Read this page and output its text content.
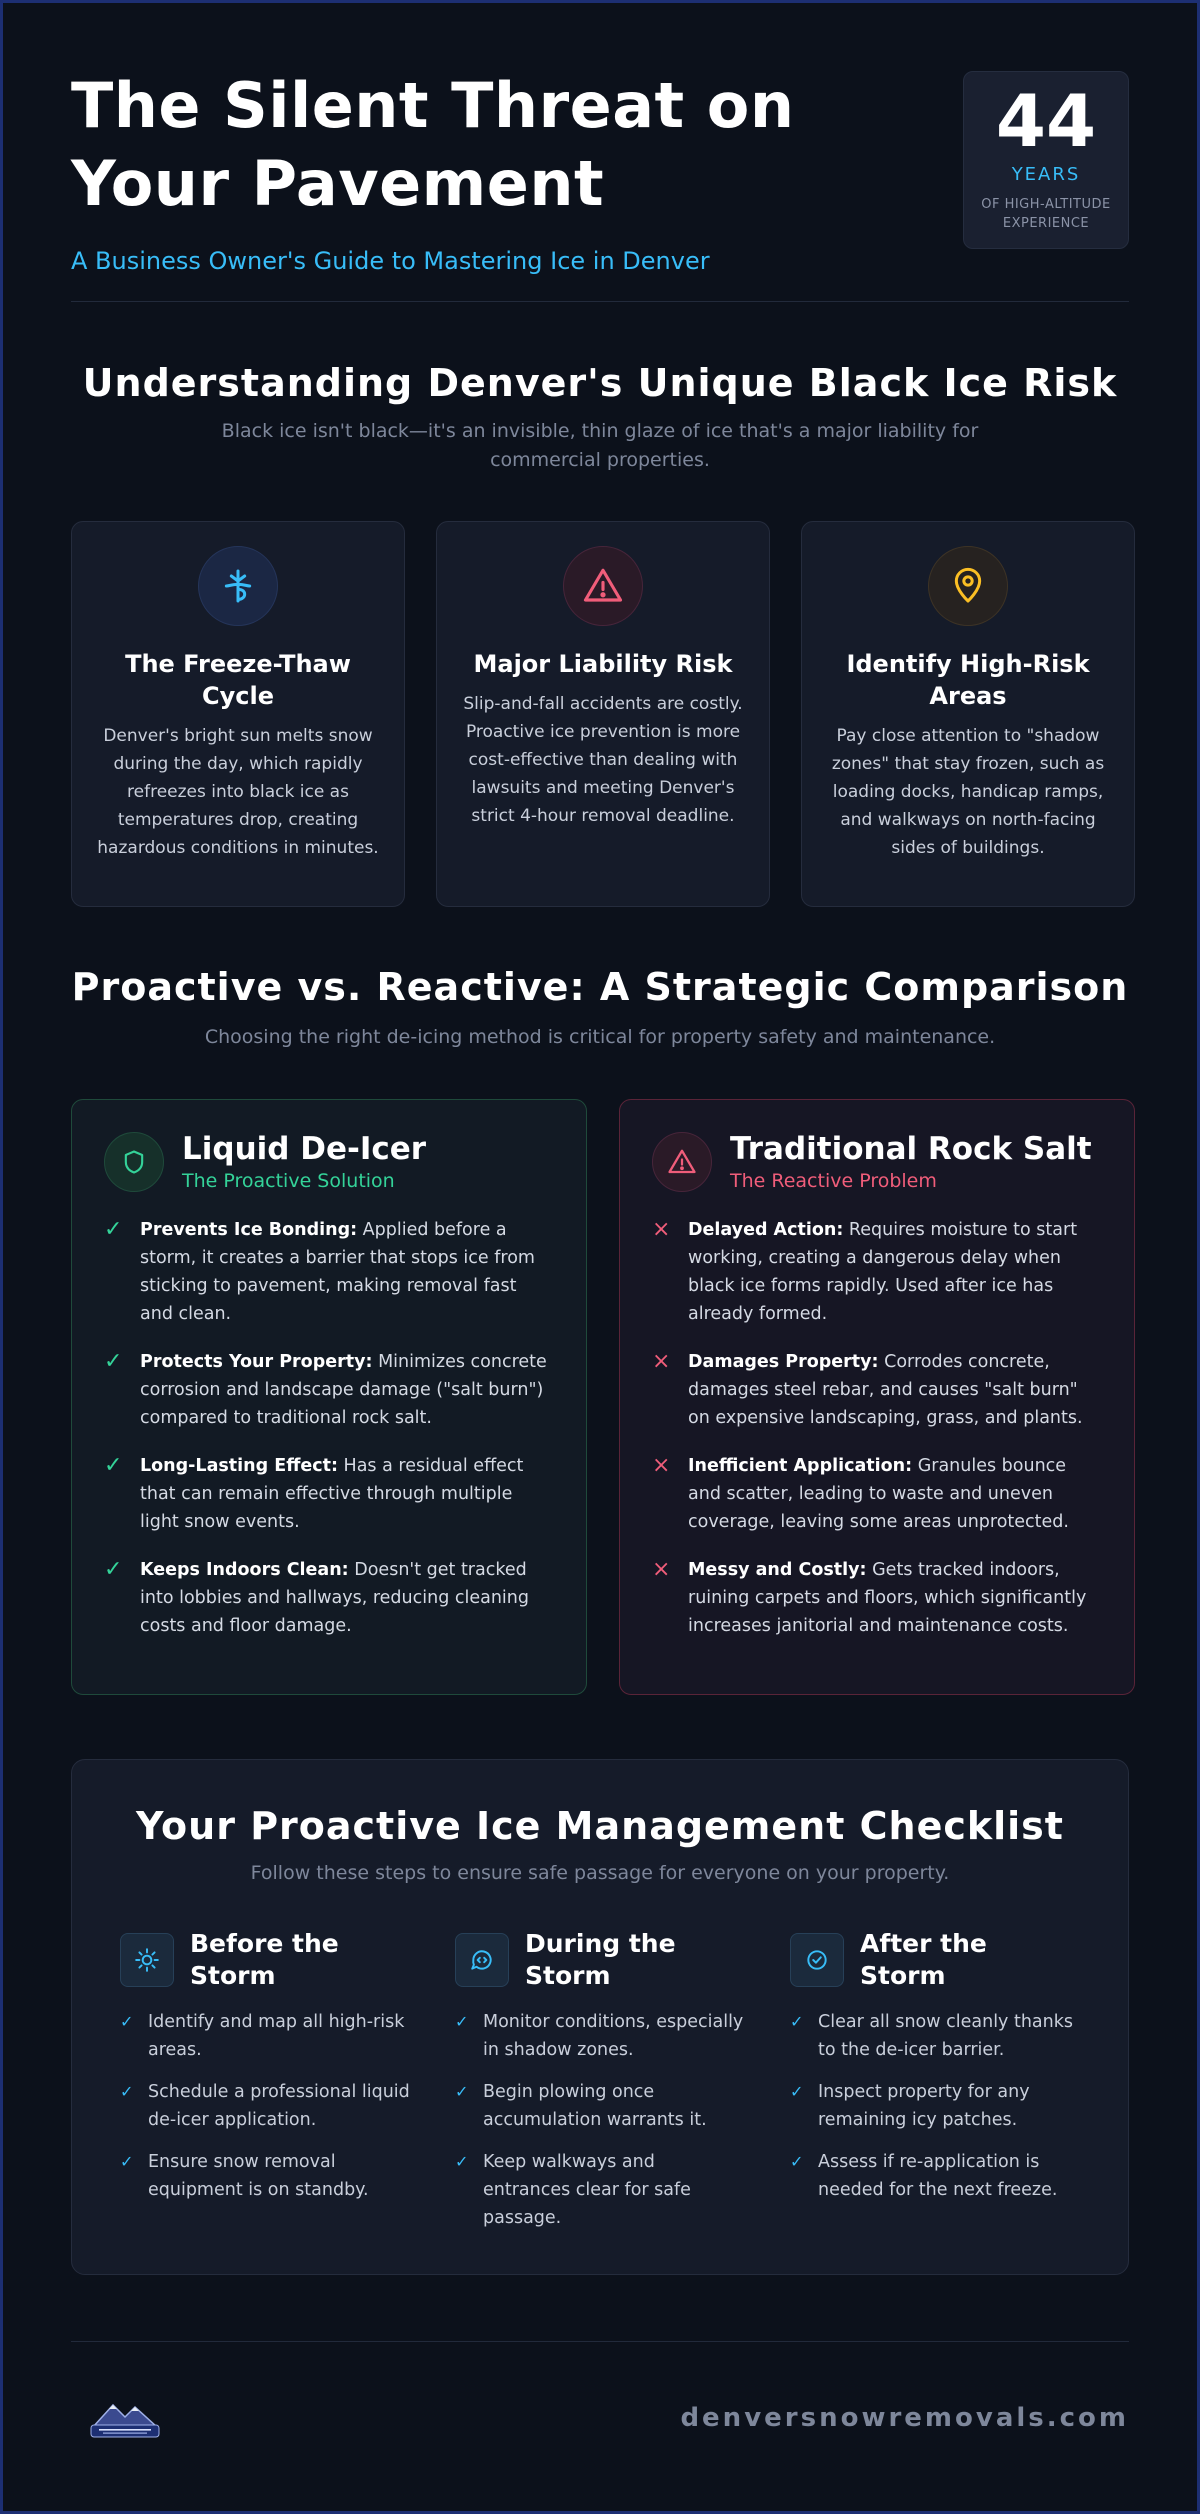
The Silent Threat on Your Pavement
A Business Owner's Guide to Mastering Ice in Denver
44
YEARS
OF HIGH-ALTITUDE EXPERIENCE
Understanding Denver's Unique Black Ice Risk

Black ice isn't black—it's an invisible, thin glaze of ice that's a major liability for commercial properties.

The Freeze-Thaw Cycle
Denver's bright sun melts snow during the day, which rapidly refreezes into black ice as temperatures drop, creating hazardous conditions in minutes.
Major Liability Risk
Slip-and-fall accidents are costly. Proactive ice prevention is more cost-effective than dealing with lawsuits and meeting Denver's strict 4-hour removal deadline.
Identify High-Risk Areas
Pay close attention to "shadow zones" that stay frozen, such as loading docks, handicap ramps, and walkways on north-facing sides of buildings.
Proactive vs. Reactive: A Strategic Comparison

Choosing the right de-icing method is critical for property safety and maintenance.

Liquid De-Icer
The Proactive Solution
✓ Prevents Ice Bonding: Applied before a storm, it creates a barrier that stops ice from sticking to pavement, making removal fast and clean.
✓ Protects Your Property: Minimizes concrete corrosion and landscape damage ("salt burn") compared to traditional rock salt.
✓ Long-Lasting Effect: Has a residual effect that can remain effective through multiple light snow events.
✓ Keeps Indoors Clean: Doesn't get tracked into lobbies and hallways, reducing cleaning costs and floor damage.
Traditional Rock Salt
The Reactive Problem
× Delayed Action: Requires moisture to start working, creating a dangerous delay when black ice forms rapidly. Used after ice has already formed.
× Damages Property: Corrodes concrete, damages steel rebar, and causes "salt burn" on expensive landscaping, grass, and plants.
× Inefficient Application: Granules bounce and scatter, leading to waste and uneven coverage, leaving some areas unprotected.
× Messy and Costly: Gets tracked indoors, ruining carpets and floors, which significantly increases janitorial and maintenance costs.
Your Proactive Ice Management Checklist

Follow these steps to ensure safe passage for everyone on your property.

Before the Storm
✓ Identify and map all high-risk areas.
✓ Schedule a professional liquid de-icer application.
✓ Ensure snow removal equipment is on standby.
During the Storm
✓ Monitor conditions, especially in shadow zones.
✓ Begin plowing once accumulation warrants it.
✓ Keep walkways and entrances clear for safe passage.
After the Storm
✓ Clear all snow cleanly thanks to the de-icer barrier.
✓ Inspect property for any remaining icy patches.
✓ Assess if re-application is needed for the next freeze.
denversnowremovals.com
